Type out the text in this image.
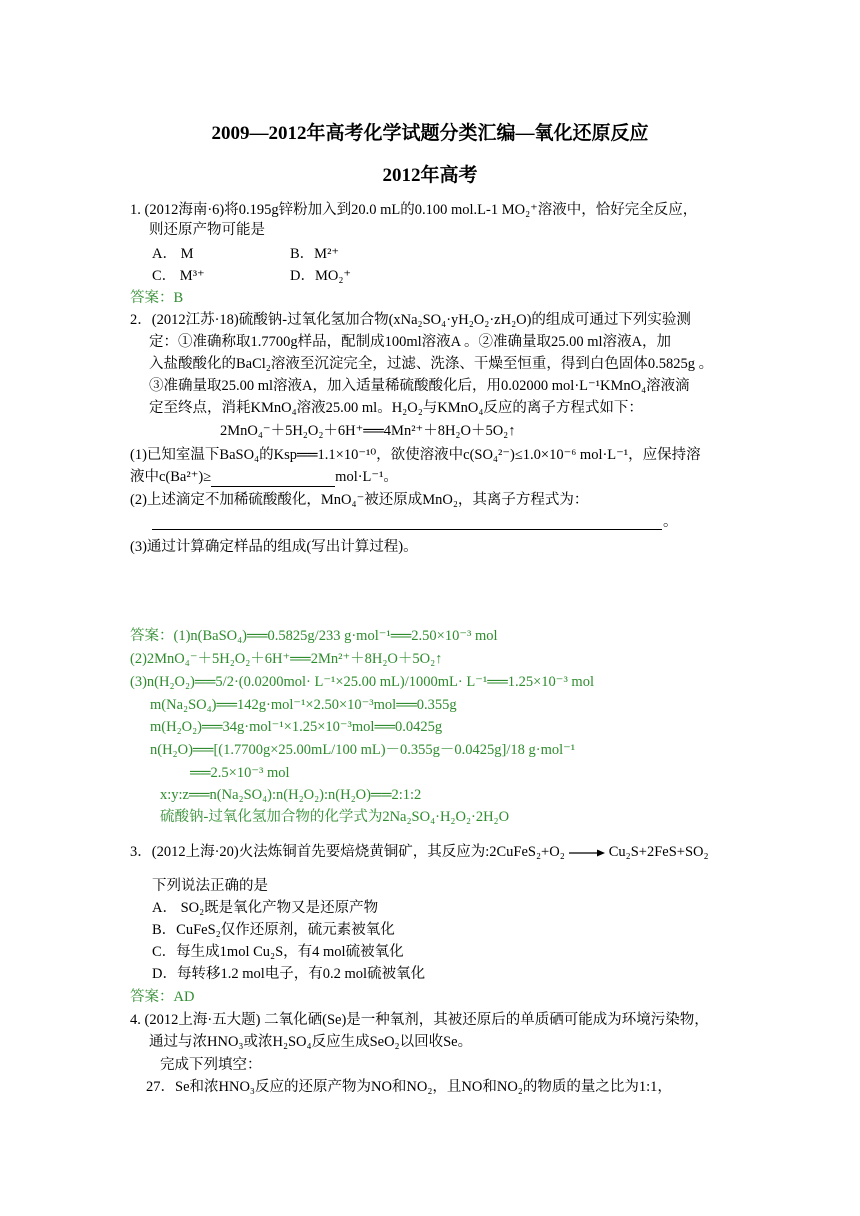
2009—2012年高考化学试题分类汇编—氧化还原反应
2012年高考
1. (2012海南·6)将0.195g锌粉加入到20.0 mL的0.100 mol.L-1 MO₂⁺溶液中，恰好完全反应，
则还原产物可能是
A． M	B．M²⁺
C． M³⁺	D．MO₂⁺
答案：B
2．(2012江苏·18)硫酸钠-过氧化氢加合物(xNa₂SO₄·yH₂O₂·zH₂O)的组成可通过下列实验测
定：①准确称取1.7700g样品，配制成100ml溶液A 。②准确量取25.00 ml溶液A，加
入盐酸酸化的BaCl₂溶液至沉淀完全，过滤、洗涤、干燥至恒重，得到白色固体0.5825g 。
③准确量取25.00 ml溶液A，加入适量稀硫酸酸化后，用0.02000 mol·L⁻¹KMnO₄溶液滴
定至终点，消耗KMnO₄溶液25.00 ml。H₂O₂与KMnO₄反应的离子方程式如下：
2MnO₄⁻＋5H₂O₂＋6H⁺══4Mn²⁺＋8H₂O＋5O₂↑
(1)已知室温下BaSO₄的Ksp══1.1×10⁻¹⁰，欲使溶液中c(SO₄²⁻)≤1.0×10⁻⁶ mol·L⁻¹，应保持溶
液中c(Ba²⁺)≥	mol·L⁻¹。
(2)上述滴定不加稀硫酸酸化，MnO₄⁻被还原成MnO₂，其离子方程式为：
。
(3)通过计算确定样品的组成(写出计算过程)。
答案：(1)n(BaSO₄)══0.5825g/233 g·mol⁻¹══2.50×10⁻³ mol
(2)2MnO₄⁻＋5H₂O₂＋6H⁺══2Mn²⁺＋8H₂O＋5O₂↑
(3)n(H₂O₂)══5/2·(0.0200mol· L⁻¹×25.00 mL)/1000mL· L⁻¹══1.25×10⁻³ mol
m(Na₂SO₄)══142g·mol⁻¹×2.50×10⁻³mol══0.355g
m(H₂O₂)══34g·mol⁻¹×1.25×10⁻³mol══0.0425g
n(H₂O)══[(1.7700g×25.00mL/100 mL)－0.355g－0.0425g]/18 g·mol⁻¹
══2.5×10⁻³ mol
x:y:z══n(Na₂SO₄):n(H₂O₂):n(H₂O)══2:1:2
硫酸钠-过氧化氢加合物的化学式为2Na₂SO₄·H₂O₂·2H₂O
3．(2012上海·20)火法炼铜首先要焙烧黄铜矿，其反应为:2CuFeS₂+O₂ → Cu₂S+2FeS+SO₂
下列说法正确的是
A． SO₂既是氧化产物又是还原产物
B．CuFeS₂仅作还原剂，硫元素被氧化
C．每生成1mol Cu₂S，有4 mol硫被氧化
D．每转移1.2 mol电子，有0.2 mol硫被氧化
答案：AD
4. (2012上海·五大题) 二氧化硒(Se)是一种氧剂，其被还原后的单质硒可能成为环境污染物，
通过与浓HNO₃或浓H₂SO₄反应生成SeO₂以回收Se。
完成下列填空：
27．Se和浓HNO₃反应的还原产物为NO和NO₂，且NO和NO₂的物质的量之比为1:1，
